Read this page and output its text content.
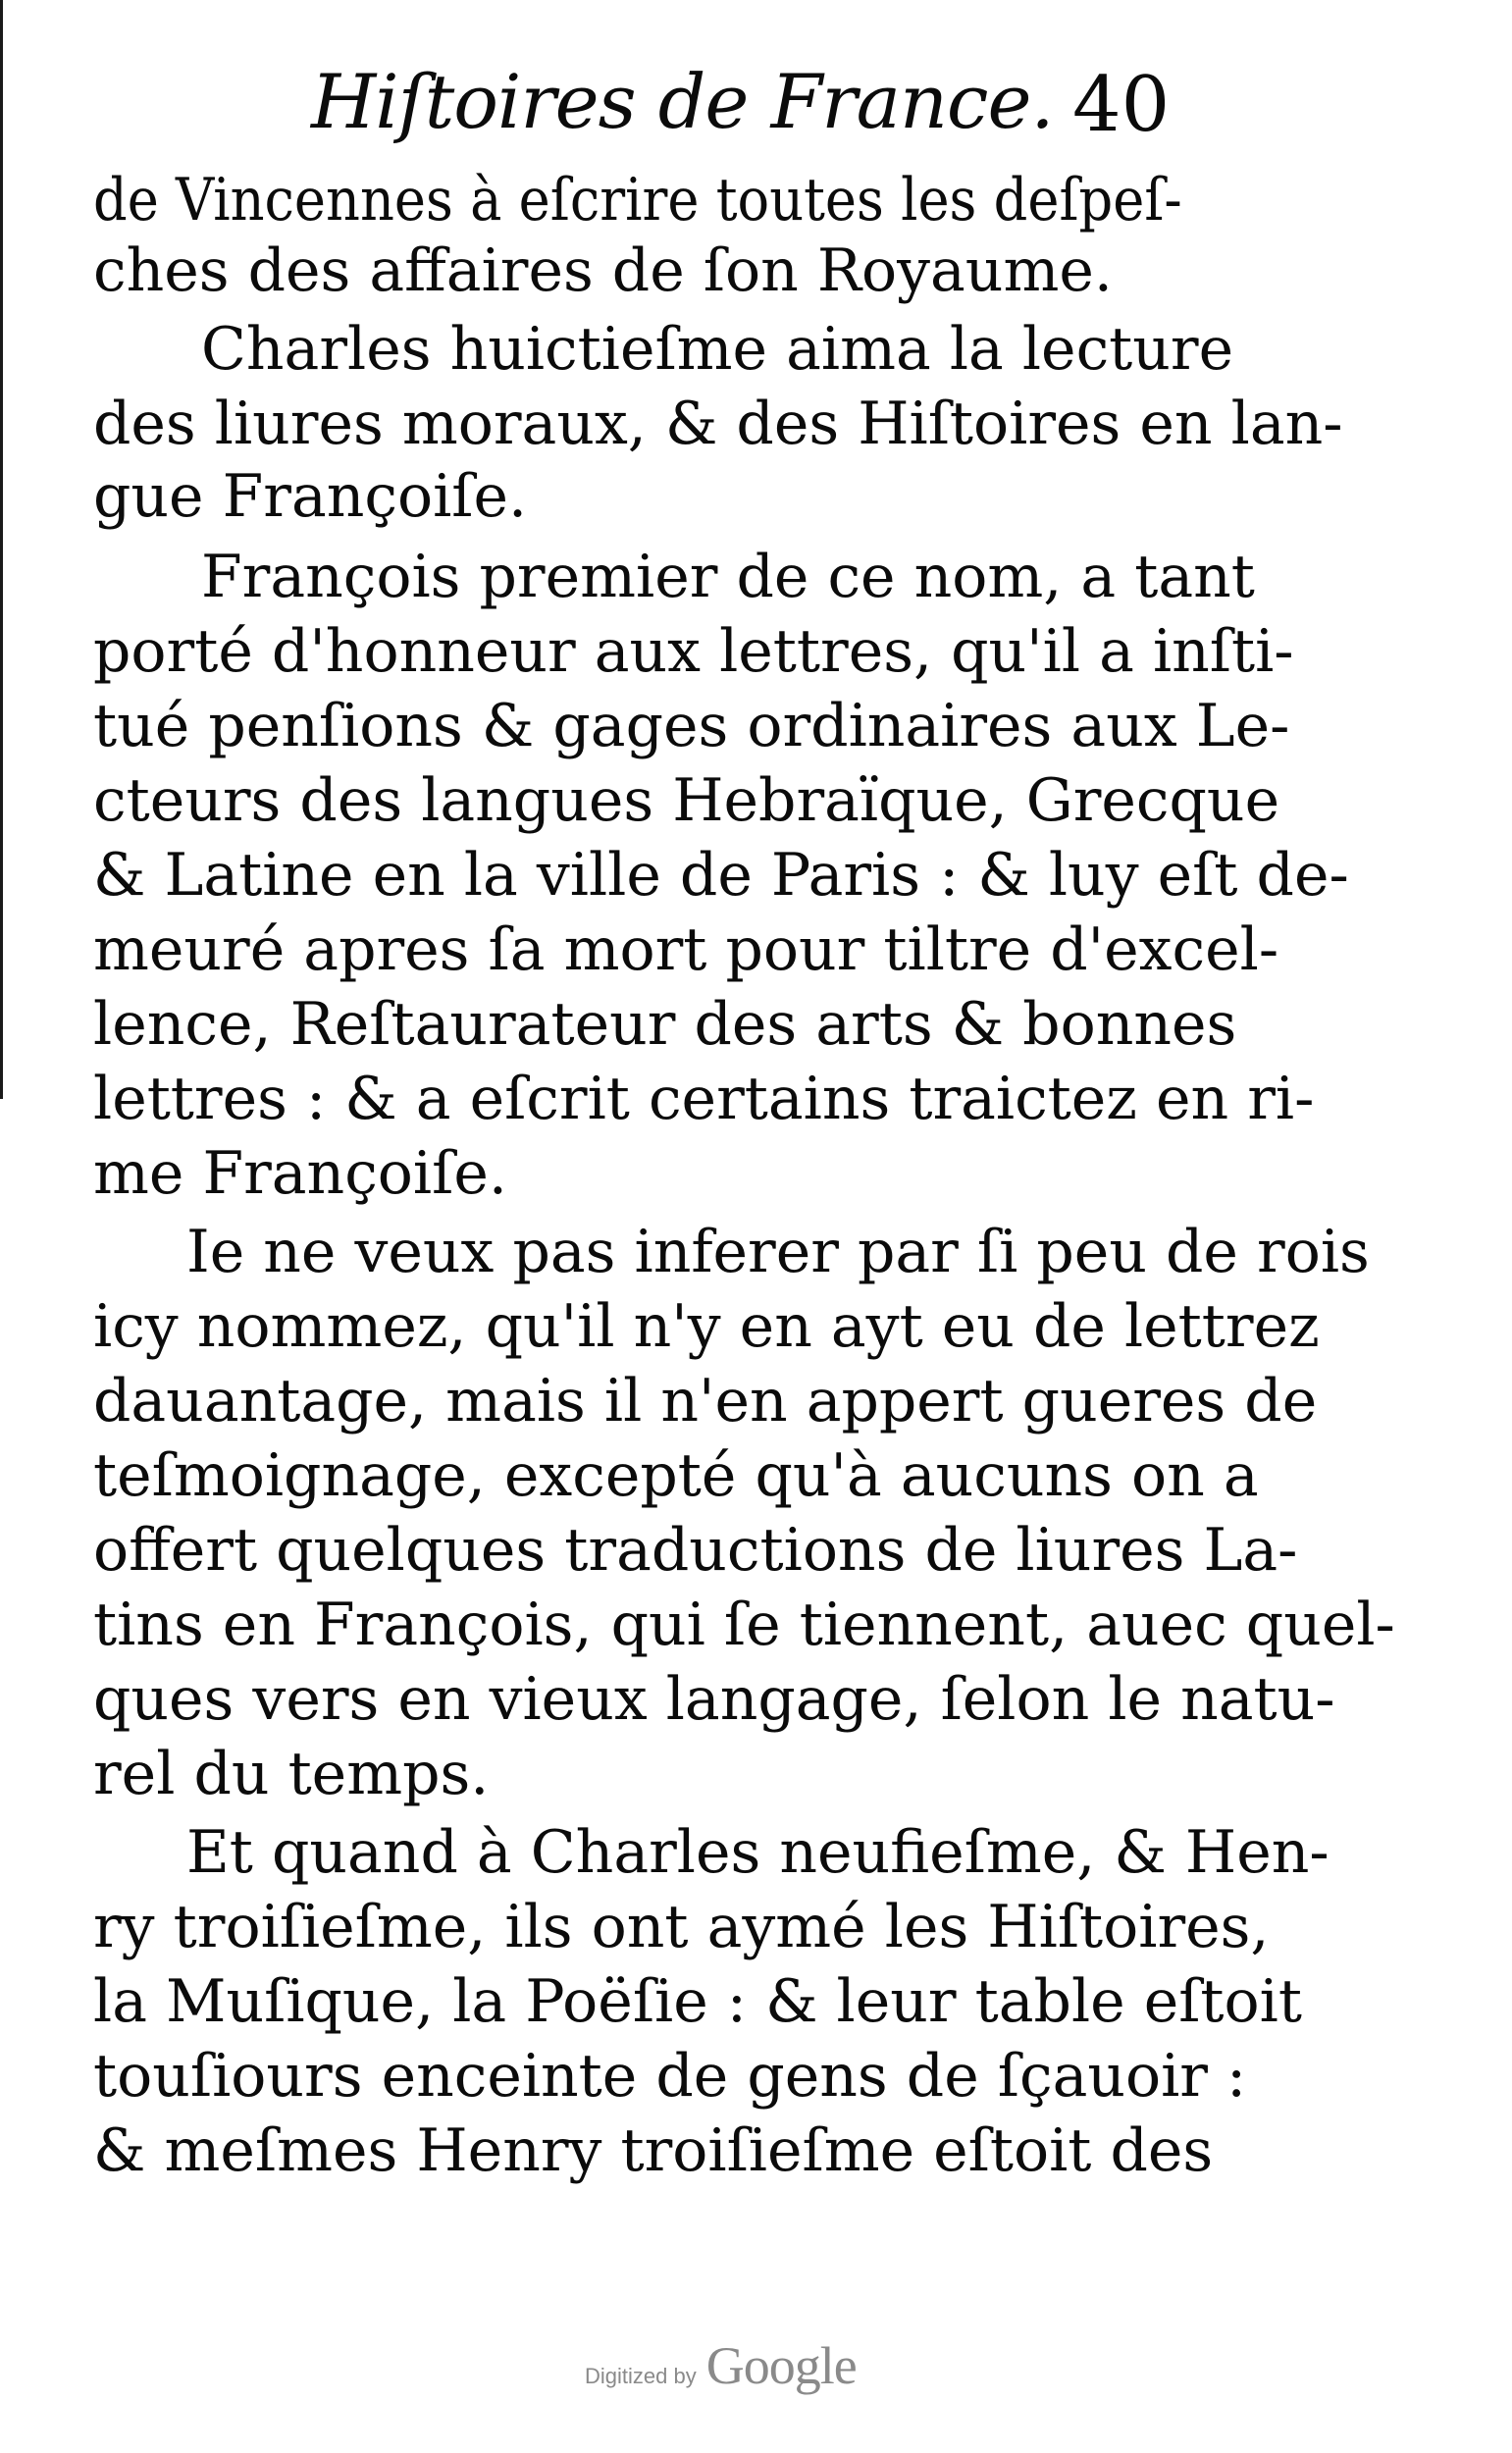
Hiſtoires de France. 40
de Vincennes à eſcrire toutes les deſpeſ-
ches des affaires de ſon Royaume.
Charles huictieſme aima la lecture
des liures moraux, & des Hiſtoires en lan-
gue Françoiſe.
François premier de ce nom, a tant
porté d'honneur aux lettres, qu'il a inſti-
tué penſions & gages ordinaires aux Le-
cteurs des langues Hebraïque, Grecque
& Latine en la ville de Paris : & luy eſt de-
meuré apres ſa mort pour tiltre d'excel-
lence, Reſtaurateur des arts & bonnes
lettres : & a eſcrit certains traictez en ri-
me Françoiſe.
Ie ne veux pas inferer par ſi peu de rois
icy nommez, qu'il n'y en ayt eu de lettrez
dauantage, mais il n'en appert gueres de
teſmoignage, excepté qu'à aucuns on a
offert quelques traductions de liures La-
tins en François, qui ſe tiennent, auec quel-
ques vers en vieux langage, ſelon le natu-
rel du temps.
Et quand à Charles neufieſme, & Hen-
ry troiſieſme, ils ont aymé les Hiſtoires,
la Muſique, la Poëſie : & leur table eſtoit
touſiours enceinte de gens de ſçauoir :
& meſmes Henry troiſieſme eſtoit des
Digitized by Google
